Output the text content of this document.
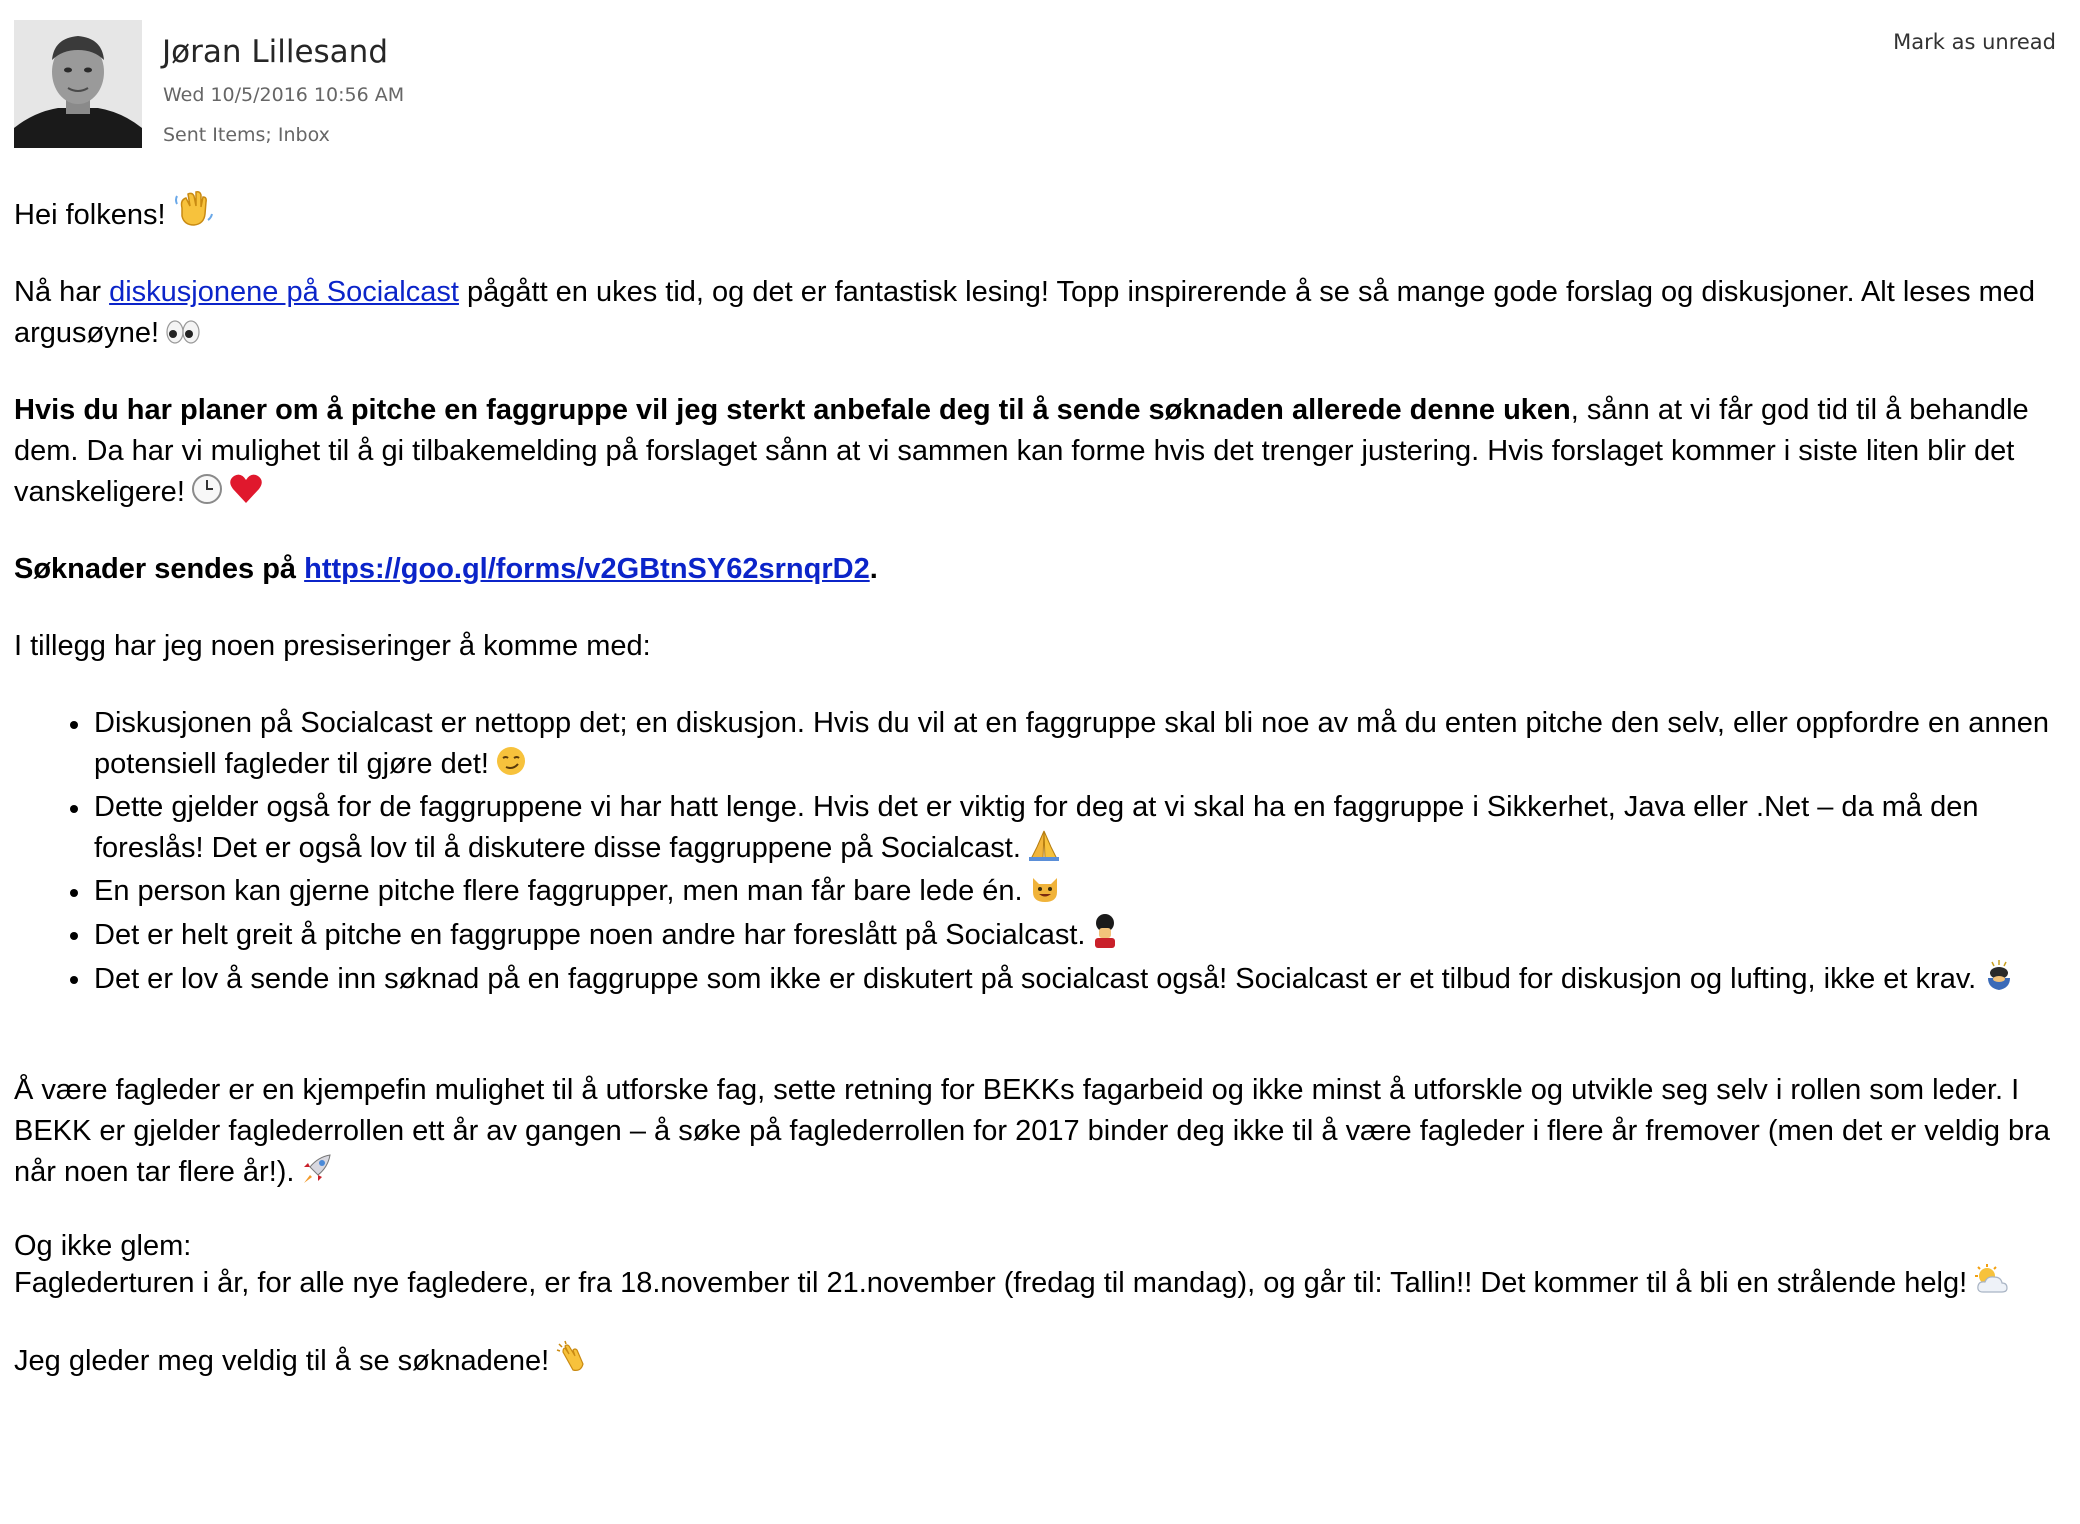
Jøran Lillesand
Wed 10/5/2016 10:56 AM
Sent Items; Inbox
Mark as unread

Hei folkens!

Nå har diskusjonene på Socialcast pågått en ukes tid, og det er fantastisk lesing! Topp inspirerende å se så mange gode forslag og diskusjoner. Alt leses med argusøyne!

Hvis du har planer om å pitche en faggruppe vil jeg sterkt anbefale deg til å sende søknaden allerede denne uken, sånn at vi får god tid til å behandle dem. Da har vi mulighet til å gi tilbakemelding på forslaget sånn at vi sammen kan forme hvis det trenger justering. Hvis forslaget kommer i siste liten blir det vanskeligere!

Søknader sendes på https://goo.gl/forms/v2GBtnSY62srnqrD2.

I tillegg har jeg noen presiseringer å komme med:

Diskusjonen på Socialcast er nettopp det; en diskusjon. Hvis du vil at en faggruppe skal bli noe av må du enten pitche den selv, eller oppfordre en annen potensiell fagleder til gjøre det!
Dette gjelder også for de faggruppene vi har hatt lenge. Hvis det er viktig for deg at vi skal ha en faggruppe i Sikkerhet, Java eller .Net – da må den foreslås! Det er også lov til å diskutere disse faggruppene på Socialcast.
En person kan gjerne pitche flere faggrupper, men man får bare lede én.
Det er helt greit å pitche en faggruppe noen andre har foreslått på Socialcast.
Det er lov å sende inn søknad på en faggruppe som ikke er diskutert på socialcast også! Socialcast er et tilbud for diskusjon og lufting, ikke et krav.

Å være fagleder er en kjempefin mulighet til å utforske fag, sette retning for BEKKs fagarbeid og ikke minst å utforskle og utvikle seg selv i rollen som leder. I BEKK er gjelder faglederrollen ett år av gangen – å søke på faglederrollen for 2017 binder deg ikke til å være fagleder i flere år fremover (men det er veldig bra når noen tar flere år!).

Og ikke glem:

Faglederturen i år, for alle nye fagledere, er fra 18.november til 21.november (fredag til mandag), og går til: Tallin!! Det kommer til å bli en strålende helg!

Jeg gleder meg veldig til å se søknadene!
